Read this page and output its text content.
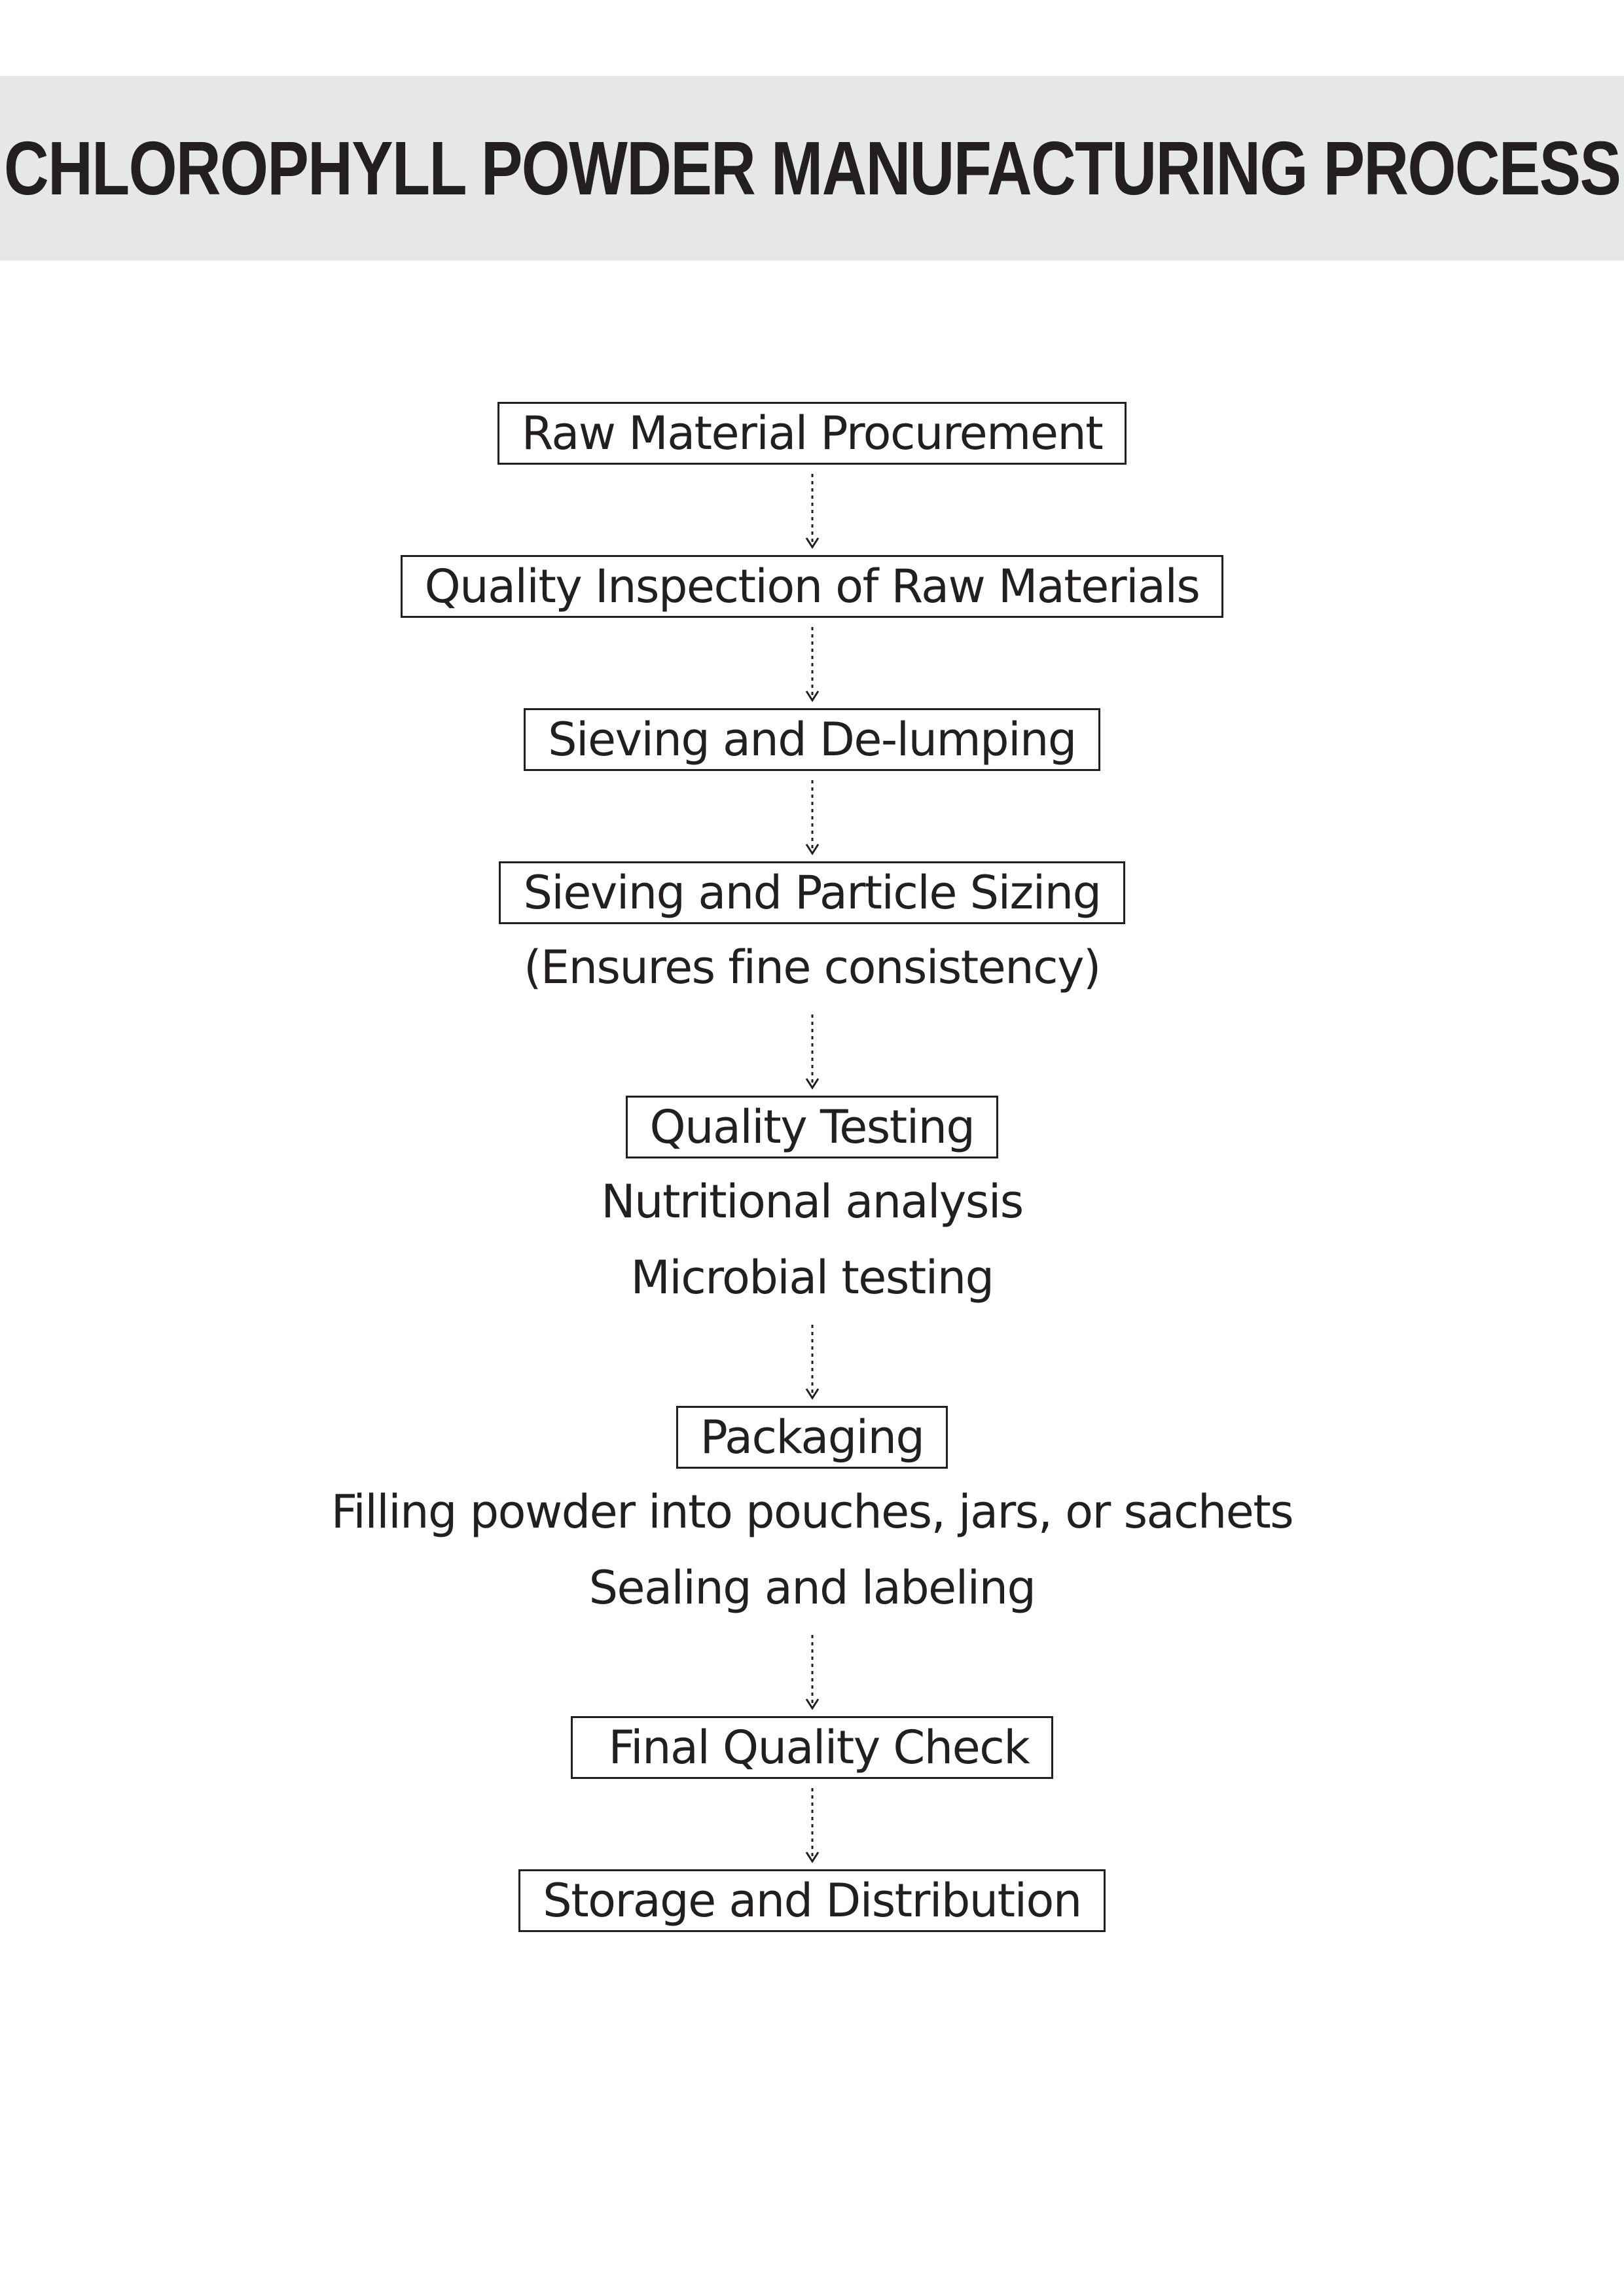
CHLOROPHYLL POWDER MANUFACTURING PROCESS
Raw Material Procurement
Quality Inspection of Raw Materials
Sieving and De-lumping
Sieving and Particle Sizing
(Ensures fine consistency)
Quality Testing
Nutritional analysis
Microbial testing
Packaging
Filling powder into pouches, jars, or sachets
Sealing and labeling
Final Quality Check
Storage and Distribution
